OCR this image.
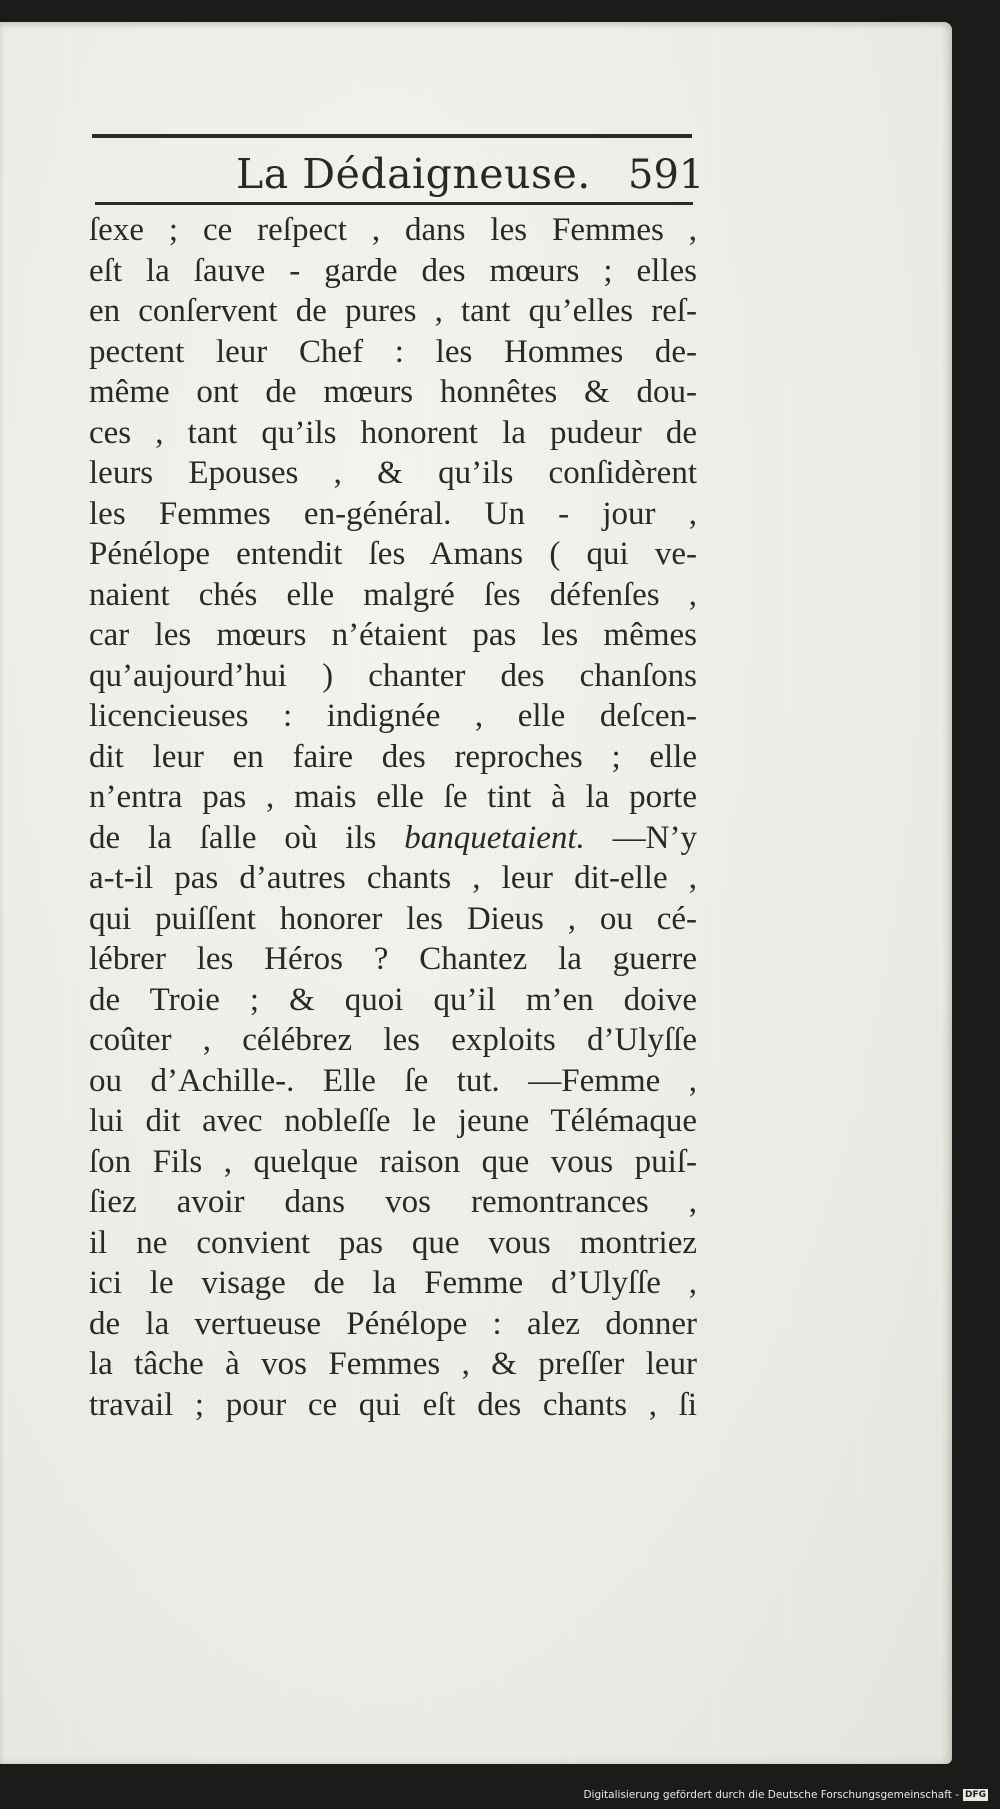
La Dédaigneuse. 591
ſexe ; ce reſpect , dans les Femmes ,
eſt la ſauve - garde des mœurs ; elles
en conſervent de pures , tant qu’elles reſ-
pectent leur Chef : les Hommes de-
même ont de mœurs honnêtes & dou-
ces , tant qu’ils honorent la pudeur de
leurs Epouses , & qu’ils conſidèrent
les Femmes en-général. Un - jour ,
Pénélope entendit ſes Amans ( qui ve-
naient chés elle malgré ſes défenſes ,
car les mœurs n’étaient pas les mêmes
qu’aujourd’hui ) chanter des chanſons
licencieuses : indignée , elle deſcen-
dit leur en faire des reproches ; elle
n’entra pas , mais elle ſe tint à la porte
de la ſalle où ils banquetaient. —N’y
a-t-il pas d’autres chants , leur dit-elle ,
qui puiſſent honorer les Dieus , ou cé-
lébrer les Héros ? Chantez la guerre
de Troie ; & quoi qu’il m’en doive
coûter , célébrez les exploits d’Ulyſſe
ou d’Achille-. Elle ſe tut. —Femme ,
lui dit avec nobleſſe le jeune Télémaque
ſon Fils , quelque raison que vous puiſ-
ſiez avoir dans vos remontrances ,
il ne convient pas que vous montriez
ici le visage de la Femme d’Ulyſſe ,
de la vertueuse Pénélope : alez donner
la tâche à vos Femmes , & preſſer leur
travail ; pour ce qui eſt des chants , ſi
Digitalisierung gefördert durch die Deutsche Forschungsgemeinschaft - DFG
